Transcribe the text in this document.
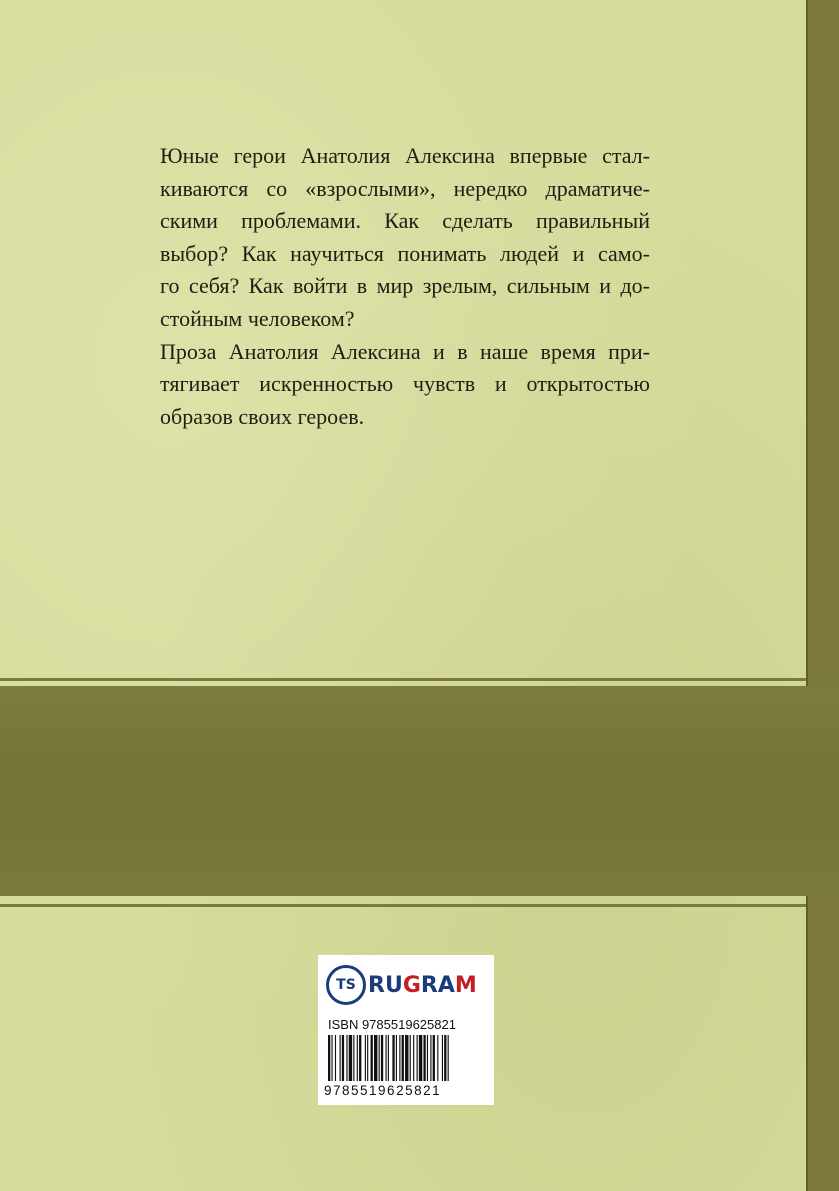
Юные герои Анатолия Алексина впервые стал-
киваются со «взрослыми», нередко драматиче-
скими проблемами. Как сделать правильный
выбор? Как научиться понимать людей и само-
го себя? Как войти в мир зрелым, сильным и до-
стойным человеком?

Проза Анатолия Алексина и в наше время при-
тягивает искренностью чувств и открытостью
образов своих героев.

TS RUGRAM
ISBN 9785519625821
9785519625821
